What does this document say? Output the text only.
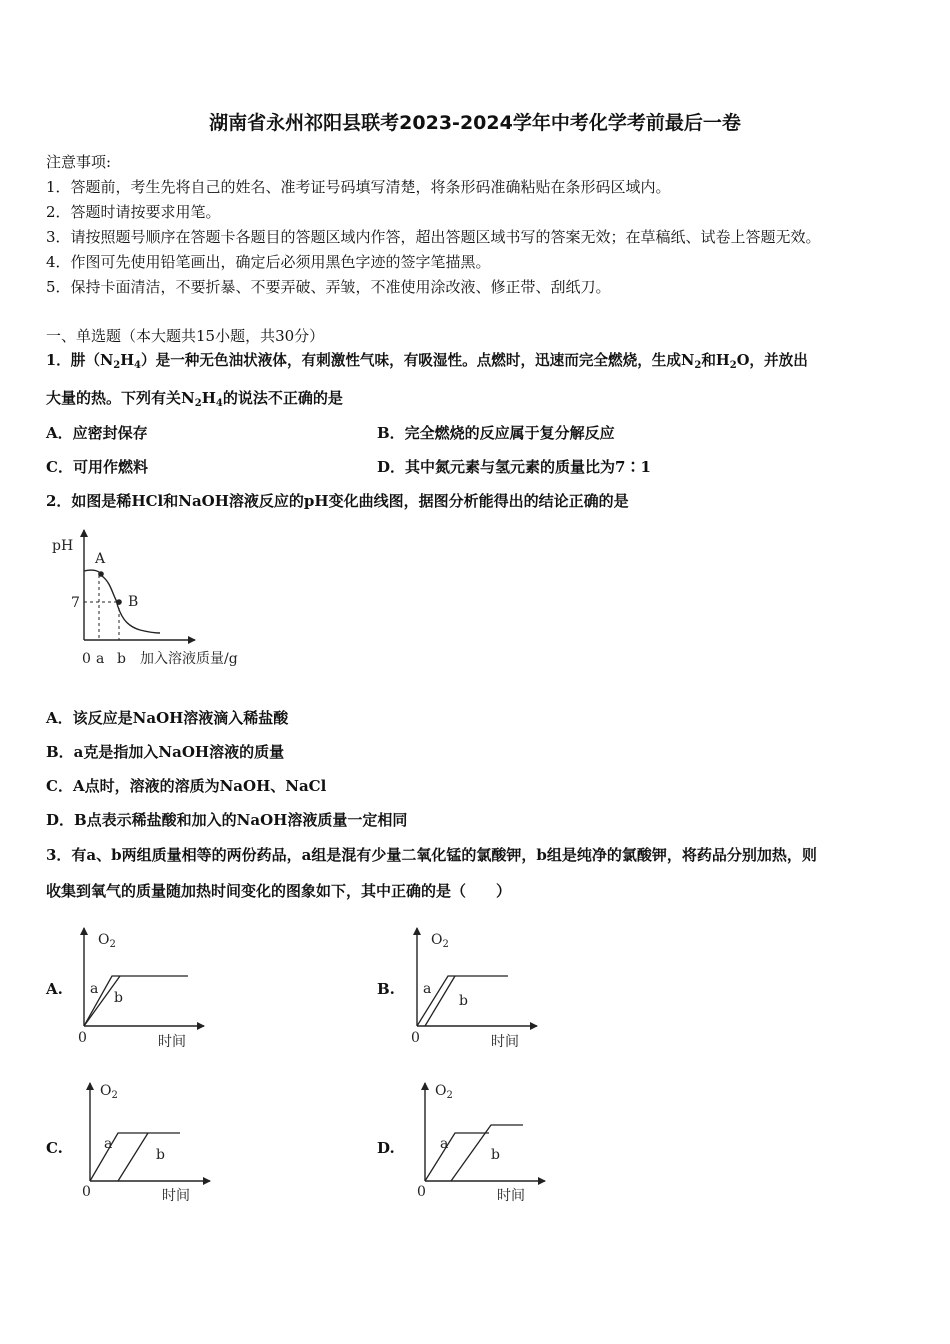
湖南省永州祁阳县联考2023-2024学年中考化学考前最后一卷
注意事项:
1．答题前，考生先将自己的姓名、准考证号码填写清楚，将条形码准确粘贴在条形码区域内。
2．答题时请按要求用笔。
3．请按照题号顺序在答题卡各题目的答题区域内作答，超出答题区域书写的答案无效；在草稿纸、试卷上答题无效。
4．作图可先使用铅笔画出，确定后必须用黑色字迹的签字笔描黑。
5．保持卡面清洁，不要折暴、不要弄破、弄皱，不准使用涂改液、修正带、刮纸刀。
一、单选题（本大题共15小题，共30分）
1．肼$(N_2H_4)$是一种无色油状液体，有刺激性气味，有吸湿性。点燃时，迅速而完全燃烧，生成$N_2$和$H_2O$，并放出
大量的热。下列有关$N_2H_4$的说法不正确的是
A．应密封保存	B．完全燃烧的反应属于复分解反应
C．可用作燃料	D．其中氮元素与氢元素的质量比为7∶1
2．如图是稀HCl和NaOH溶液反应的pH变化曲线图，据图分析能得出的结论正确的是
pH
A
B
7
0 a b 加入溶液质量/g
A．该反应是NaOH溶液滴入稀盐酸
B．a克是指加入NaOH溶液的质量
C．A点时，溶液的溶质为NaOH、NaCl
D．B点表示稀盐酸和加入的NaOH溶液质量一定相同
3．有a、b两组质量相等的两份药品，a组是混有少量二氧化锰的氯酸钾，b组是纯净的氯酸钾，将药品分别加热，则
收集到氧气的质量随加热时间变化的图象如下，其中正确的是（　　）
A.
$O_2$
a
b
0	时间
B.
$O_2$
a
b
0	时间
C.
$O_2$
a
b
0	时间
D.
$O_2$
a
b
0	时间
